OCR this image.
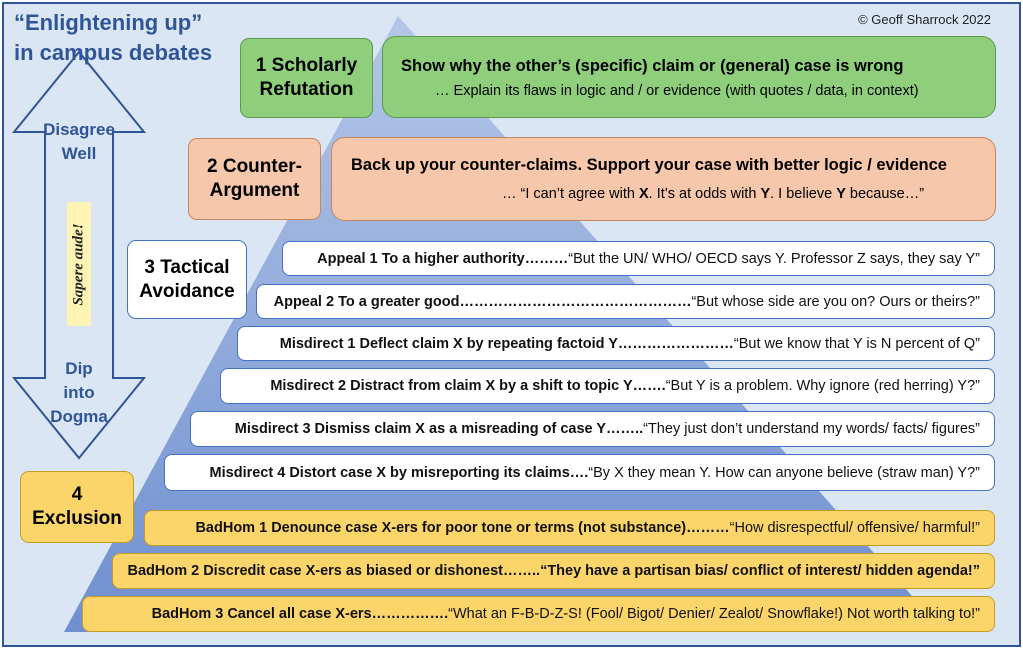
“Enlightening up”
in campus debates
© Geoff Sharrock 2022
Disagree
Well
Sapere aude!
Dip
into
Dogma
1 Scholarly
Refutation
2 Counter-
Argument
3 Tactical
Avoidance
4
Exclusion
Show why the other’s (specific) claim or (general) case is wrong
… Explain its flaws in logic and / or evidence (with quotes / data, in context)
Back up your counter-claims. Support your case with better logic / evidence
… “I can’t agree with X. It’s at odds with Y. I believe Y because…”
Appeal 1 To a higher authority……… “But the UN/ WHO/ OECD says Y. Professor Z says, they say Y”
Appeal 2 To a greater good………………………………………… “But whose side are you on? Ours or theirs?”
Misdirect 1 Deflect claim X by repeating factoid Y…………………… “But we know that Y is N percent of Q”
Misdirect 2 Distract from claim X by a shift to topic Y……. “But Y is a problem. Why ignore (red herring) Y?”
Misdirect 3 Dismiss claim X as a misreading of case Y…….. “They just don’t understand my words/ facts/ figures”
Misdirect 4 Distort case X by misreporting its claims…. “By X they mean Y. How can anyone believe (straw man) Y?”
BadHom 1 Denounce case X-ers for poor tone or terms (not substance)……… “How disrespectful/ offensive/ harmful!”
BadHom 2 Discredit case X-ers as biased or dishonest…….. “They have a partisan bias/ conflict of interest/ hidden agenda!”
BadHom 3 Cancel all case X-ers……………. “What an F-B-D-Z-S! (Fool/ Bigot/ Denier/ Zealot/ Snowflake!) Not worth talking to!”
